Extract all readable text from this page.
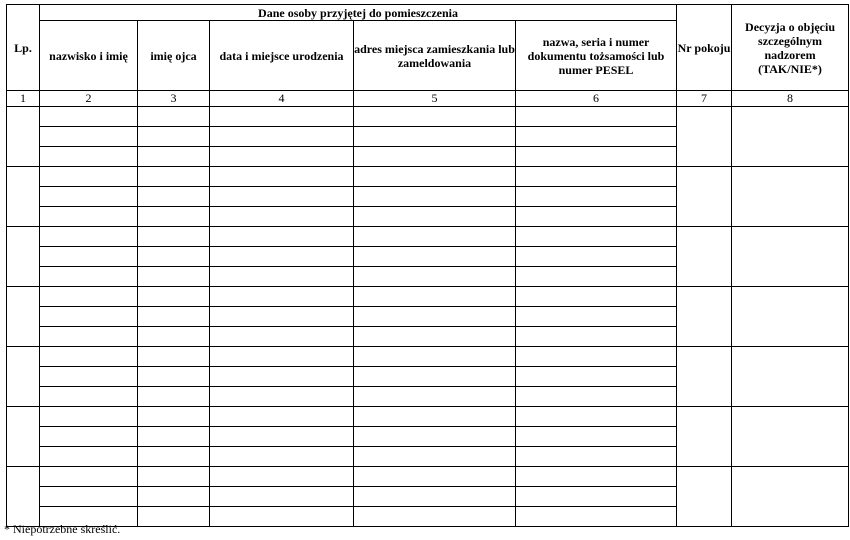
Lp.	Dane osoby przyjętej do pomieszczenia					Nr pokoju	Decyzja o objęciu szczególnym nadzorem (TAK/NIE*)
	nazwisko i imię	imię ojca	data i miejsce urodzenia	adres miejsca zamieszkania lub zameldowania	nazwa, seria i numer dokumentu tożsamości lub numer PESEL		
1	2	3	4	5	6	7	8

* Niepotrzebne skreślić.
